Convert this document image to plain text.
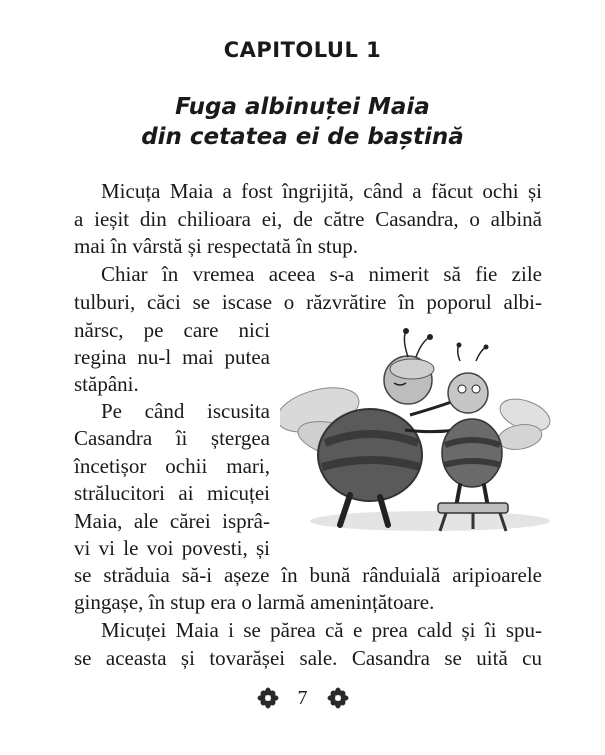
CAPITOLUL 1
Fuga albinuței Maia
din cetatea ei de baștină
Micuța Maia a fost îngrijită, când a făcut ochi și
a ieșit din chilioara ei, de către Casandra, o albină
mai în vârstă și respectată în stup.
Chiar în vremea aceea s-a nimerit să fie zile
tulburi, căci se iscase o răzvrătire în poporul albi-
nărsc, pe care nici
regina nu-l mai putea
stăpâni.
Pe când iscusita
Casandra îi ștergea
încetișor ochii mari,
strălucitori ai micuței
Maia, ale cărei isprâ-
vi vi le voi povesti, și
se străduia să-i așeze în bună rânduială aripioarele
gingașe, în stup era o larmă amenințătoare.
Micuței Maia i se părea că e prea cald și îi spu-
se aceasta și tovarășei sale. Casandra se uită cu
7
